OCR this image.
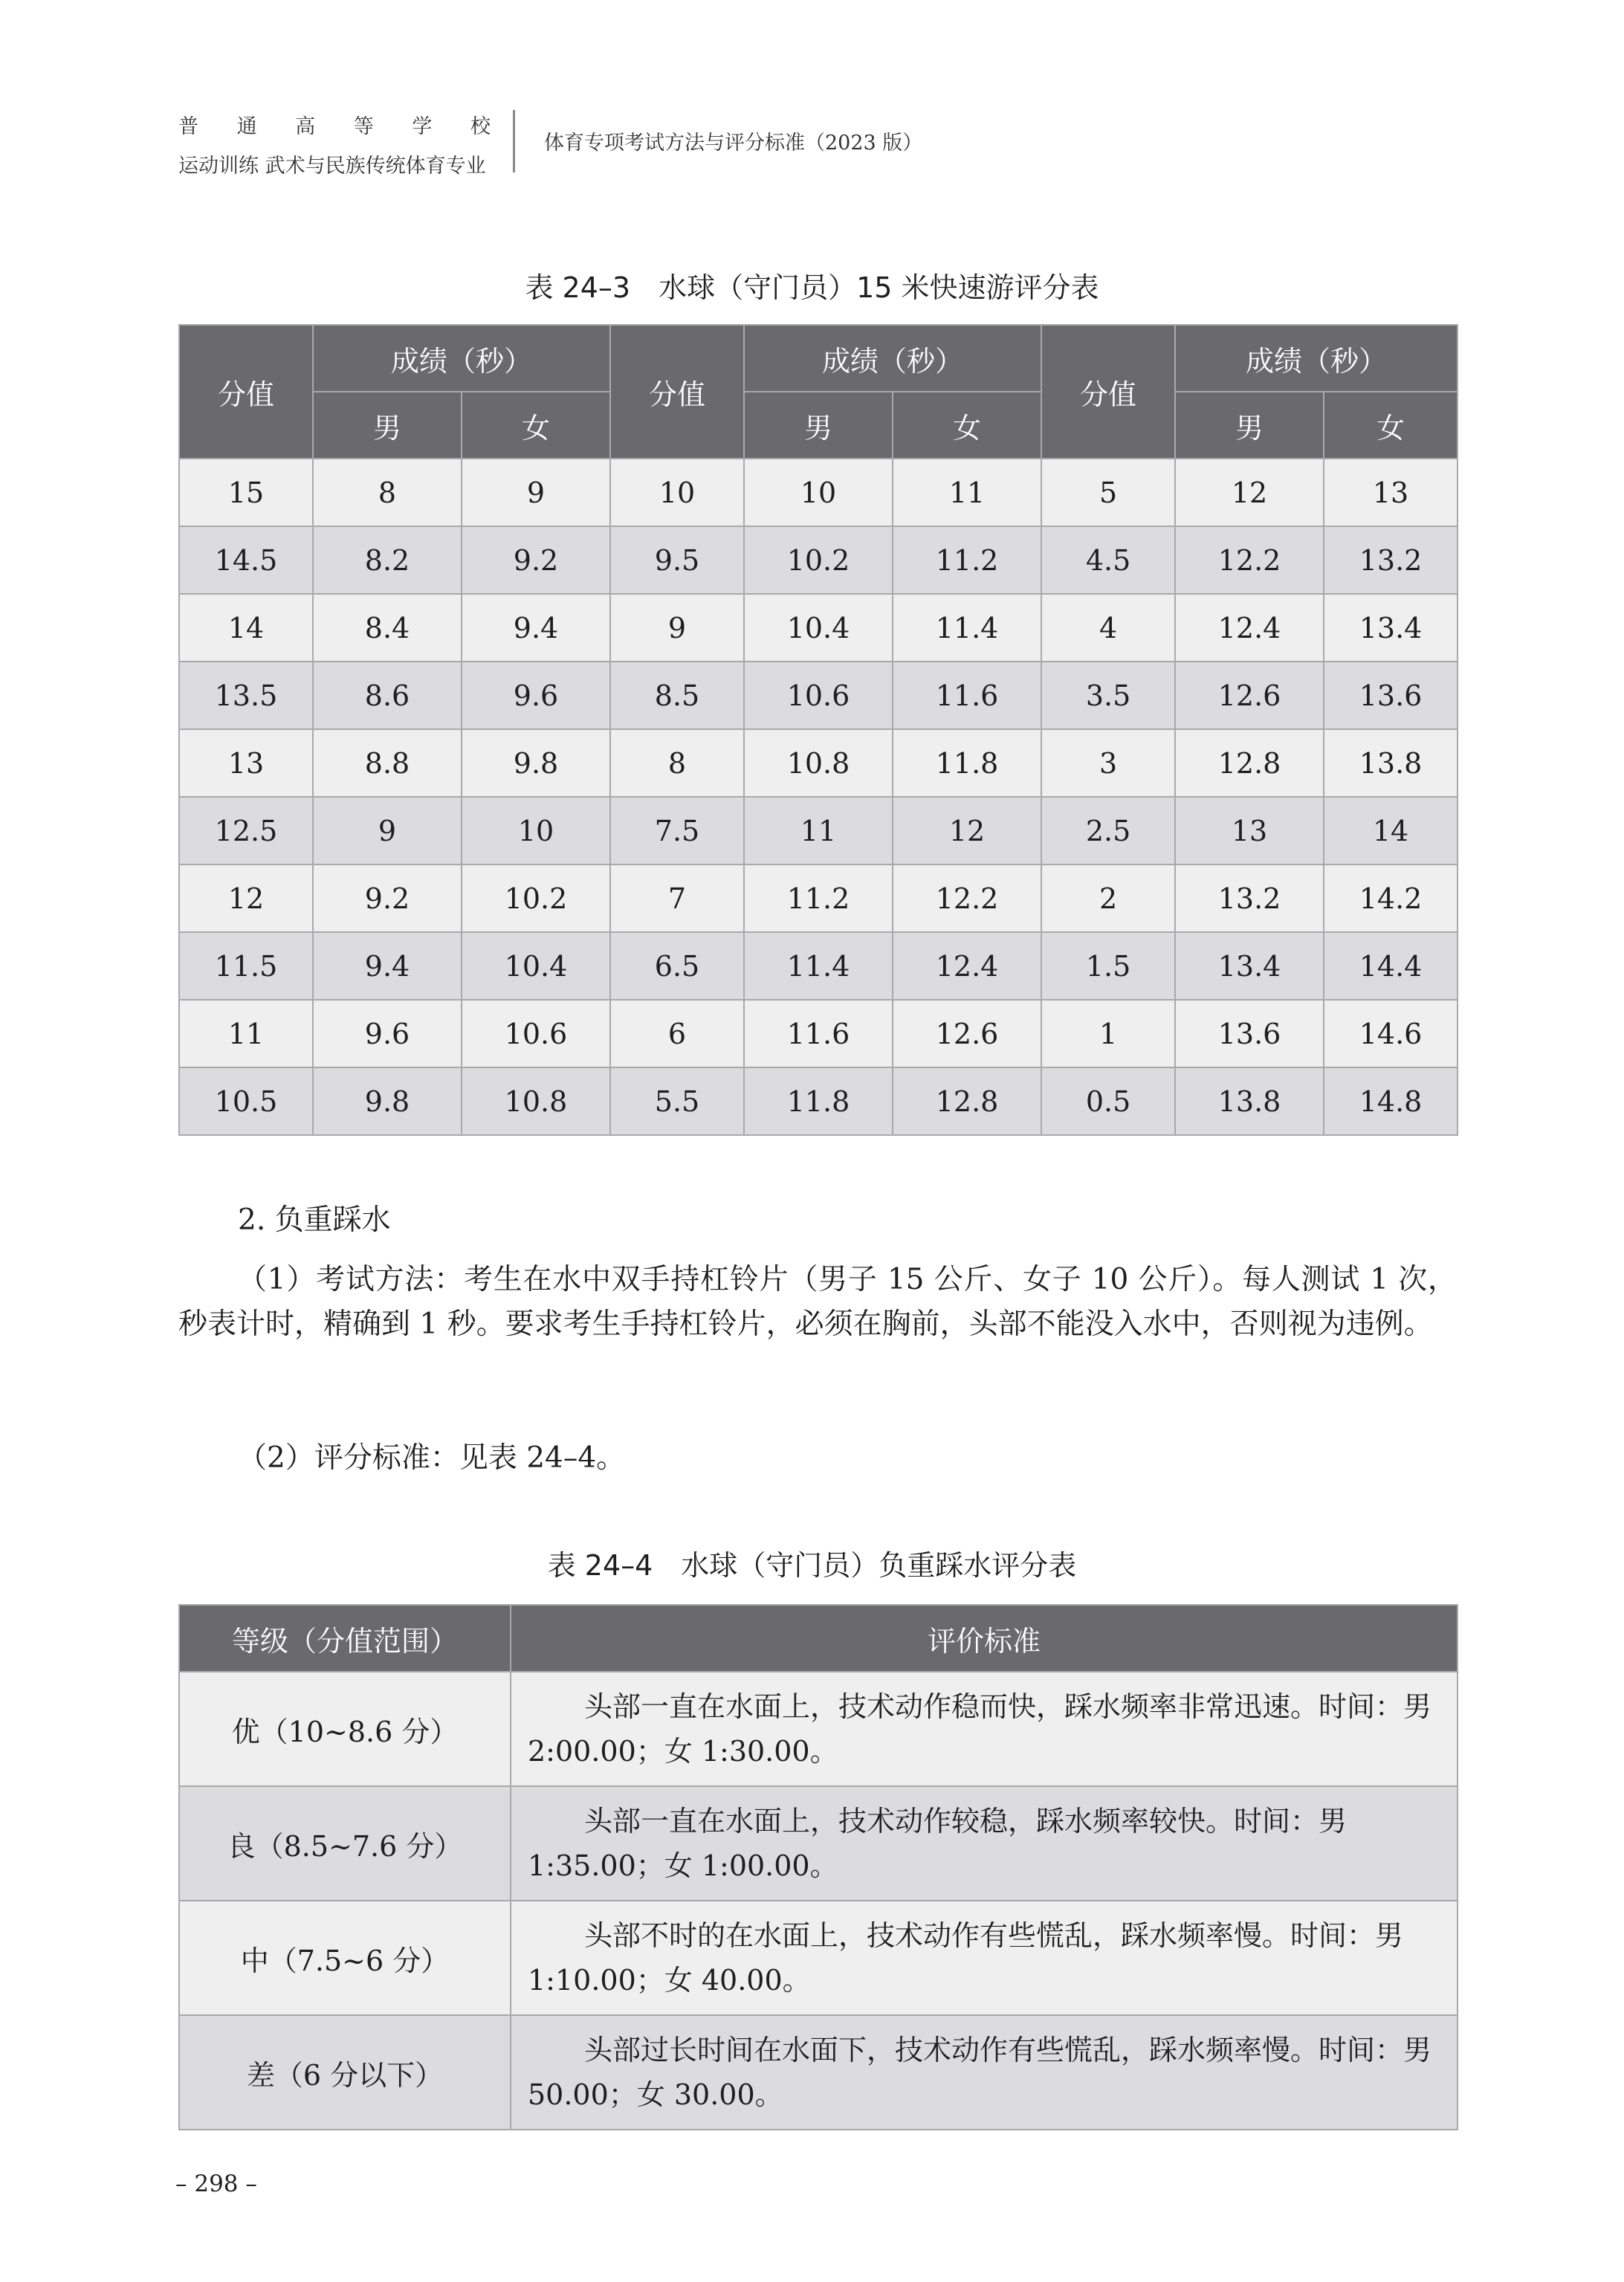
普 通 高 等 学 校
运动训练 武术与民族传统体育专业
体育专项考试方法与评分标准（2023 版）
表 24–3　水球（守门员）15 米快速游评分表
分值	成绩（秒）		分值	成绩（秒）		分值	成绩（秒）	
	男	女		男	女		男	女
15	8	9	10	10	11	5	12	13
14.5	8.2	9.2	9.5	10.2	11.2	4.5	12.2	13.2
14	8.4	9.4	9	10.4	11.4	4	12.4	13.4
13.5	8.6	9.6	8.5	10.6	11.6	3.5	12.6	13.6
13	8.8	9.8	8	10.8	11.8	3	12.8	13.8
12.5	9	10	7.5	11	12	2.5	13	14
12	9.2	10.2	7	11.2	12.2	2	13.2	14.2
11.5	9.4	10.4	6.5	11.4	12.4	1.5	13.4	14.4
11	9.6	10.6	6	11.6	12.6	1	13.6	14.6
10.5	9.8	10.8	5.5	11.8	12.8	0.5	13.8	14.8
2. 负重踩水
（1）考试方法：考生在水中双手持杠铃片（男子 15 公斤、女子 10 公斤）。每人测试 1 次，秒表计时，精确到 1 秒。要求考生手持杠铃片，必须在胸前，头部不能没入水中，否则视为违例。
（2）评分标准：见表 24–4。
表 24–4　水球（守门员）负重踩水评分表
等级（分值范围）	评价标准
优（10~8.6 分）	头部一直在水面上，技术动作稳而快，踩水频率非常迅速。时间：男 2:00.00；女 1:30.00。
良（8.5~7.6 分）	头部一直在水面上，技术动作较稳，踩水频率较快。时间：男 1:35.00；女 1:00.00。
中（7.5~6 分）	头部不时的在水面上，技术动作有些慌乱，踩水频率慢。时间：男 1:10.00；女 40.00。
差（6 分以下）	头部过长时间在水面下，技术动作有些慌乱，踩水频率慢。时间：男 50.00；女 30.00。
– 298 –
